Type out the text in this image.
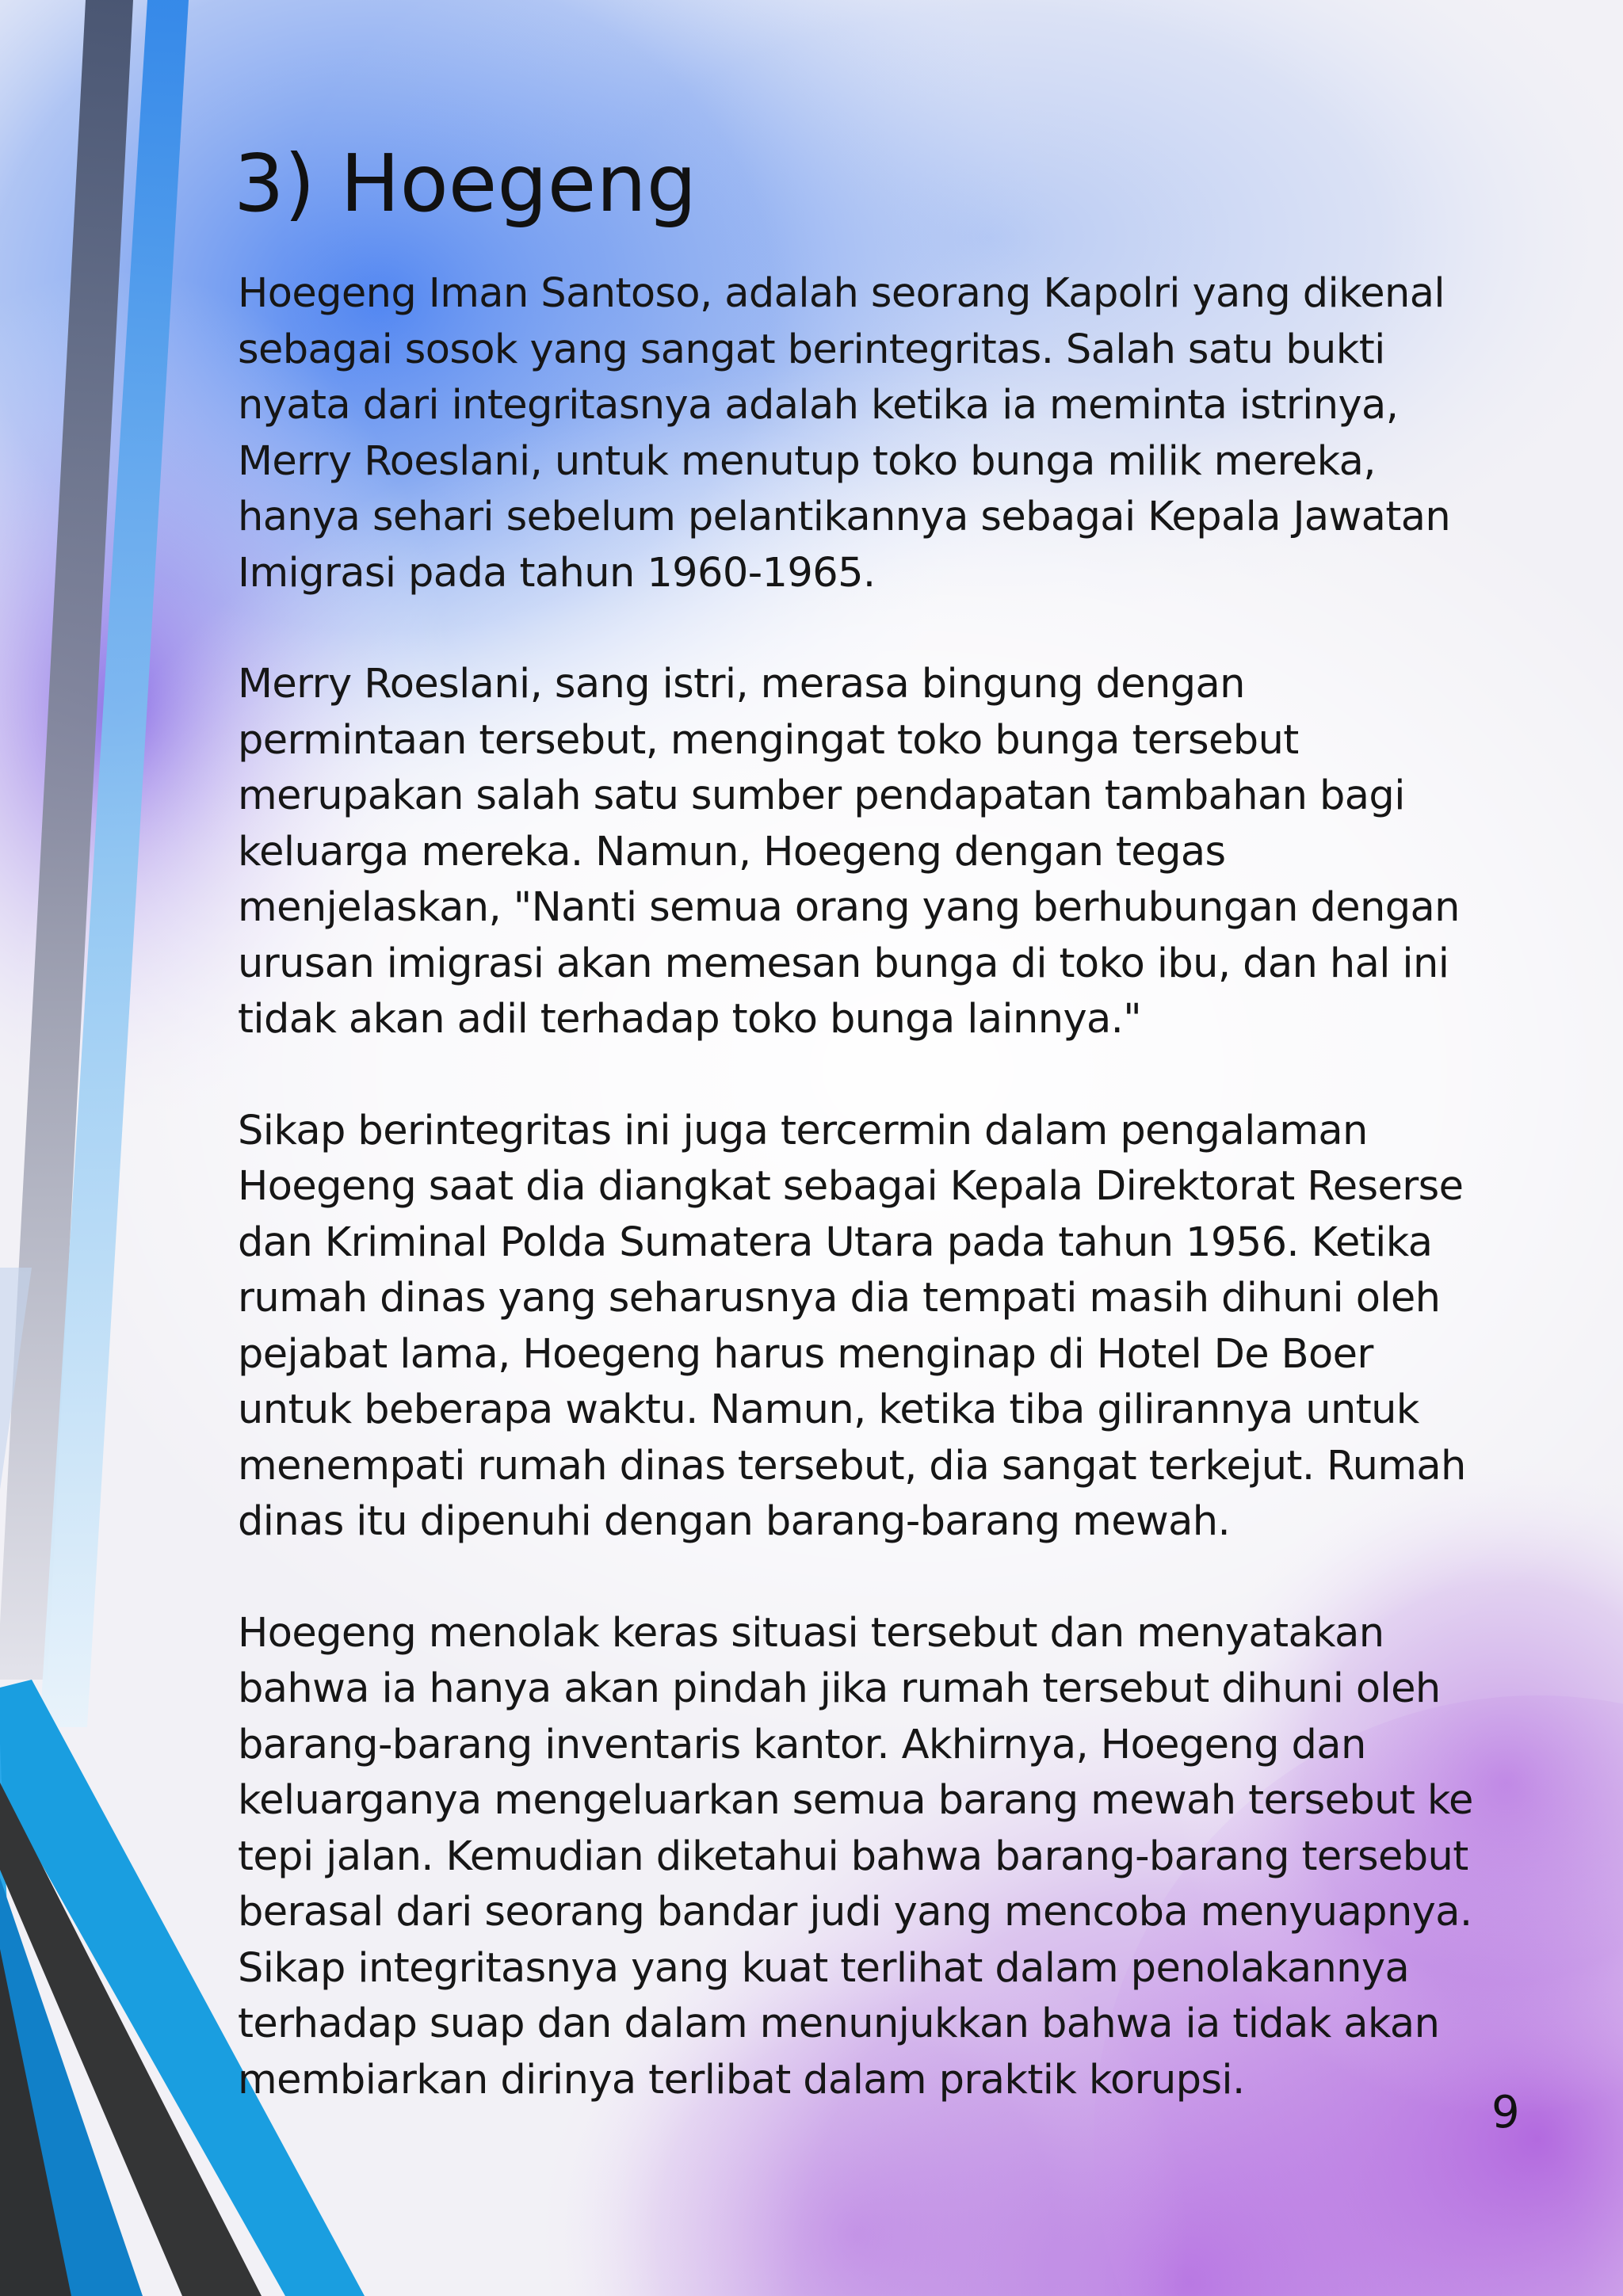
3) Hoegeng

Hoegeng Iman Santoso, adalah seorang Kapolri yang dikenal sebagai sosok yang sangat berintegritas. Salah satu bukti nyata dari integritasnya adalah ketika ia meminta istrinya, Merry Roeslani, untuk menutup toko bunga milik mereka, hanya sehari sebelum pelantikannya sebagai Kepala Jawatan Imigrasi pada tahun 1960-1965.

Merry Roeslani, sang istri, merasa bingung dengan permintaan tersebut, mengingat toko bunga tersebut merupakan salah satu sumber pendapatan tambahan bagi keluarga mereka. Namun, Hoegeng dengan tegas menjelaskan, "Nanti semua orang yang berhubungan dengan urusan imigrasi akan memesan bunga di toko ibu, dan hal ini tidak akan adil terhadap toko bunga lainnya."

Sikap berintegritas ini juga tercermin dalam pengalaman Hoegeng saat dia diangkat sebagai Kepala Direktorat Reserse dan Kriminal Polda Sumatera Utara pada tahun 1956. Ketika rumah dinas yang seharusnya dia tempati masih dihuni oleh pejabat lama, Hoegeng harus menginap di Hotel De Boer untuk beberapa waktu. Namun, ketika tiba gilirannya untuk menempati rumah dinas tersebut, dia sangat terkejut. Rumah dinas itu dipenuhi dengan barang-barang mewah.

Hoegeng menolak keras situasi tersebut dan menyatakan bahwa ia hanya akan pindah jika rumah tersebut dihuni oleh barang-barang inventaris kantor. Akhirnya, Hoegeng dan keluarganya mengeluarkan semua barang mewah tersebut ke tepi jalan. Kemudian diketahui bahwa barang-barang tersebut berasal dari seorang bandar judi yang mencoba menyuapnya. Sikap integritasnya yang kuat terlihat dalam penolakannya terhadap suap dan dalam menunjukkan bahwa ia tidak akan membiarkan dirinya terlibat dalam praktik korupsi.

9
